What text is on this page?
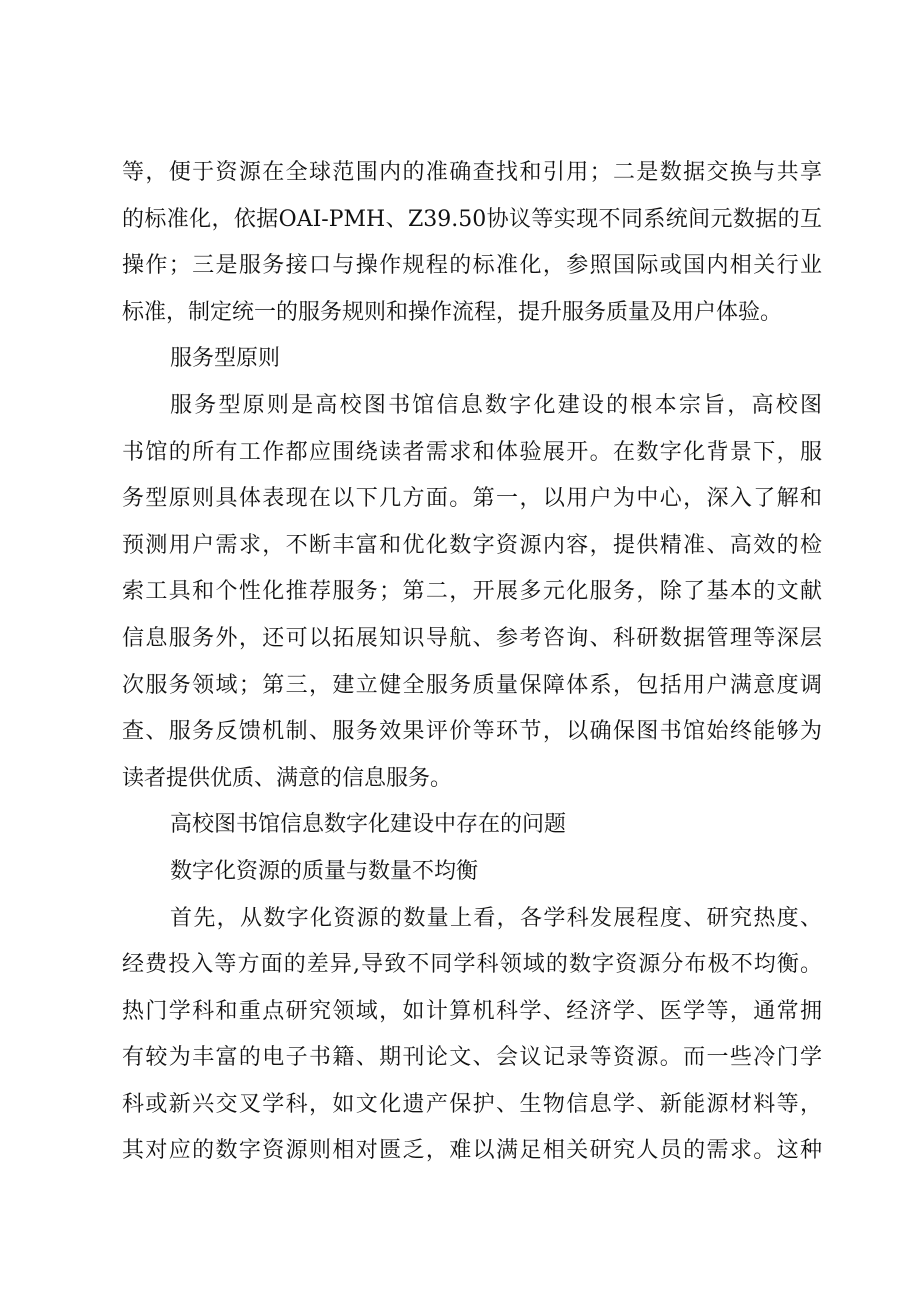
等，便于资源在全球范围内的准确查找和引用；二是数据交换与共享
的标准化，依据OAI-PMH、Z39.50协议等实现不同系统间元数据的互
操作；三是服务接口与操作规程的标准化，参照国际或国内相关行业
标准，制定统一的服务规则和操作流程，提升服务质量及用户体验。
服务型原则
服务型原则是高校图书馆信息数字化建设的根本宗旨，高校图
书馆的所有工作都应围绕读者需求和体验展开。在数字化背景下，服
务型原则具体表现在以下几方面。第一，以用户为中心，深入了解和
预测用户需求，不断丰富和优化数字资源内容，提供精准、高效的检
索工具和个性化推荐服务；第二，开展多元化服务，除了基本的文献
信息服务外，还可以拓展知识导航、参考咨询、科研数据管理等深层
次服务领域；第三，建立健全服务质量保障体系，包括用户满意度调
查、服务反馈机制、服务效果评价等环节，以确保图书馆始终能够为
读者提供优质、满意的信息服务。
高校图书馆信息数字化建设中存在的问题
数字化资源的质量与数量不均衡
首先，从数字化资源的数量上看，各学科发展程度、研究热度、
经费投入等方面的差异,导致不同学科领域的数字资源分布极不均衡。
热门学科和重点研究领域，如计算机科学、经济学、医学等，通常拥
有较为丰富的电子书籍、期刊论文、会议记录等资源。而一些冷门学
科或新兴交叉学科，如文化遗产保护、生物信息学、新能源材料等，
其对应的数字资源则相对匮乏，难以满足相关研究人员的需求。这种
